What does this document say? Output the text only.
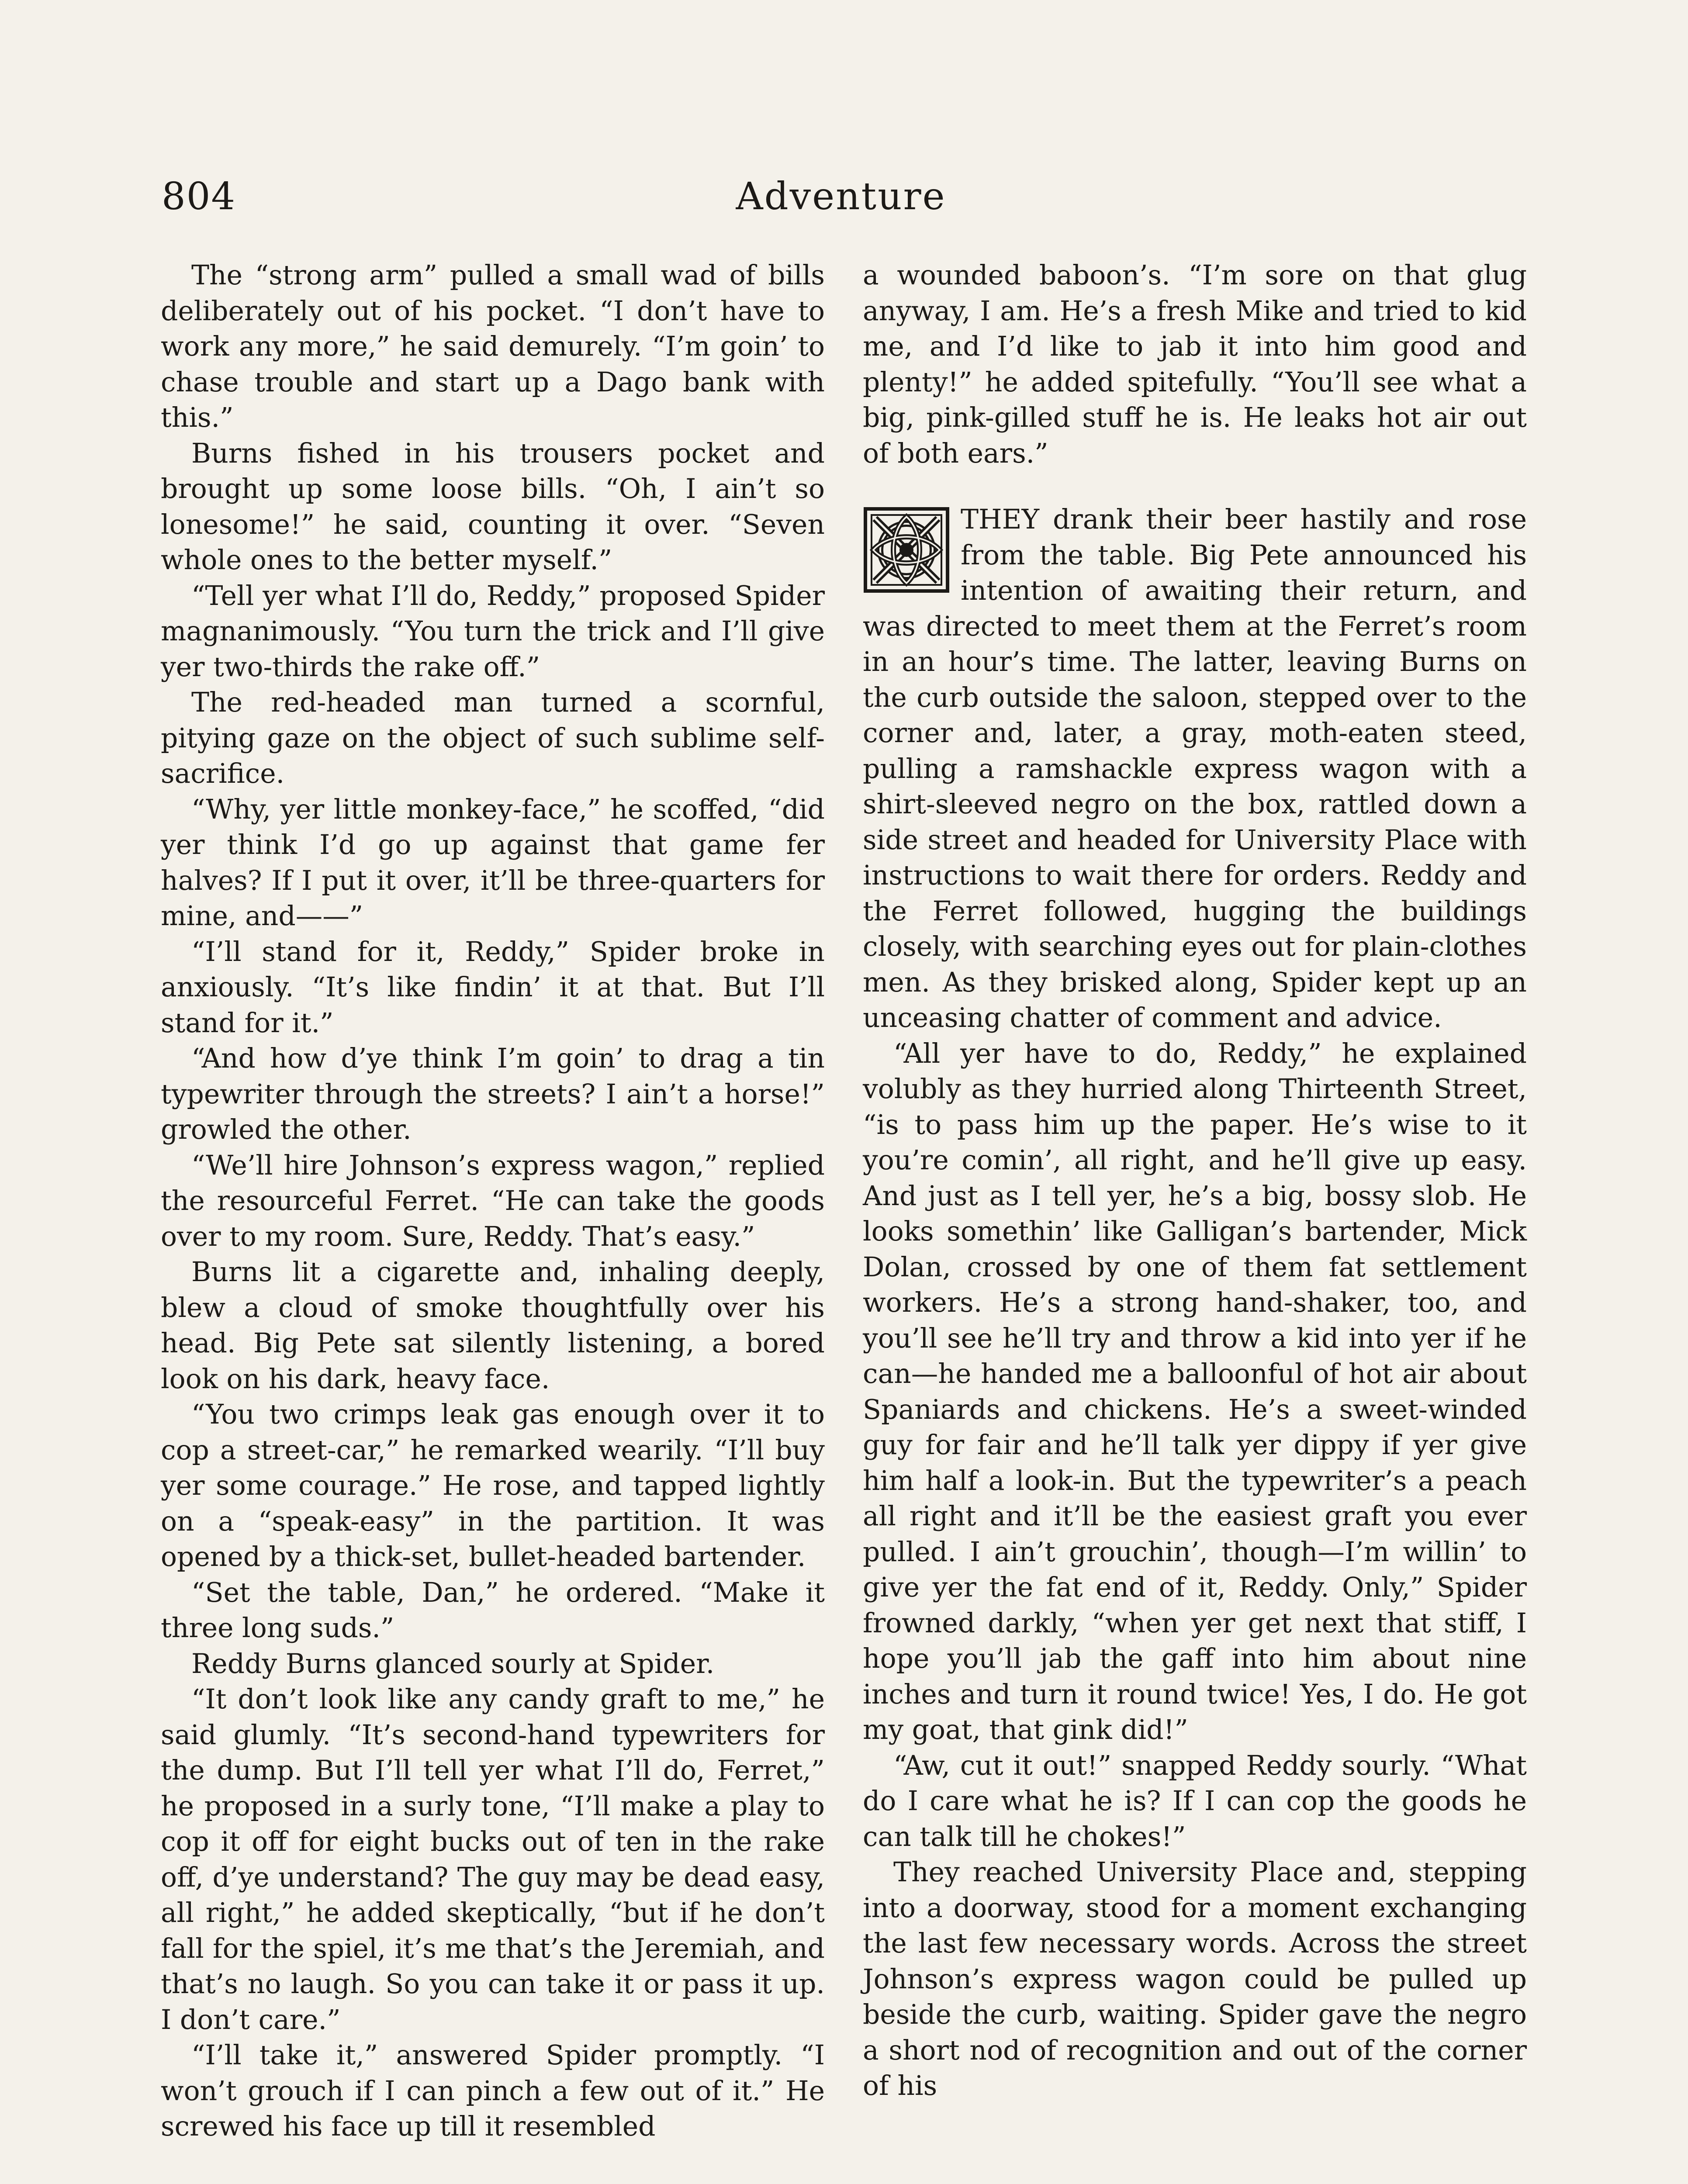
804	Adventure

The “strong arm” pulled a small wad of bills deliberately out of his pocket. “I don’t have to work any more,” he said demurely. “I’m goin’ to chase trouble and start up a Dago bank with this.”

Burns fished in his trousers pocket and brought up some loose bills. “Oh, I ain’t so lonesome!” he said, counting it over. “Seven whole ones to the better myself.”

“Tell yer what I’ll do, Reddy,” proposed Spider magnanimously. “You turn the trick and I’ll give yer two-thirds the rake off.”

The red-headed man turned a scornful, pitying gaze on the object of such sublime self-sacrifice.

“Why, yer little monkey-face,” he scoffed, “did yer think I’d go up against that game fer halves? If I put it over, it’ll be three-quarters for mine, and——”

“I’ll stand for it, Reddy,” Spider broke in anxiously. “It’s like findin’ it at that. But I’ll stand for it.”

“And how d’ye think I’m goin’ to drag a tin typewriter through the streets? I ain’t a horse!” growled the other.

“We’ll hire Johnson’s express wagon,” replied the resourceful Ferret. “He can take the goods over to my room. Sure, Reddy. That’s easy.”

Burns lit a cigarette and, inhaling deeply, blew a cloud of smoke thoughtfully over his head. Big Pete sat silently listening, a bored look on his dark, heavy face.

“You two crimps leak gas enough over it to cop a street-car,” he remarked wearily. “I’ll buy yer some courage.” He rose, and tapped lightly on a “speak-easy” in the partition. It was opened by a thick-set, bullet-headed bartender.

“Set the table, Dan,” he ordered. “Make it three long suds.”

Reddy Burns glanced sourly at Spider.

“It don’t look like any candy graft to me,” he said glumly. “It’s second-hand typewriters for the dump. But I’ll tell yer what I’ll do, Ferret,” he proposed in a surly tone, “I’ll make a play to cop it off for eight bucks out of ten in the rake off, d’ye understand? The guy may be dead easy, all right,” he added skeptically, “but if he don’t fall for the spiel, it’s me that’s the Jeremiah, and that’s no laugh. So you can take it or pass it up. I don’t care.”

“I’ll take it,” answered Spider promptly. “I won’t grouch if I can pinch a few out of it.” He screwed his face up till it resembled

a wounded baboon’s. “I’m sore on that glug anyway, I am. He’s a fresh Mike and tried to kid me, and I’d like to jab it into him good and plenty!” he added spitefully. “You’ll see what a big, pink-gilled stuff he is. He leaks hot air out of both ears.”

THEY drank their beer hastily and rose from the table. Big Pete announced his intention of awaiting their return, and was directed to meet them at the Ferret’s room in an hour’s time. The latter, leaving Burns on the curb outside the saloon, stepped over to the corner and, later, a gray, moth-eaten steed, pulling a ramshackle express wagon with a shirt-sleeved negro on the box, rattled down a side street and headed for University Place with instructions to wait there for orders. Reddy and the Ferret followed, hugging the buildings closely, with searching eyes out for plain-clothes men. As they brisked along, Spider kept up an unceasing chatter of comment and advice.

“All yer have to do, Reddy,” he explained volubly as they hurried along Thirteenth Street, “is to pass him up the paper. He’s wise to it you’re comin’, all right, and he’ll give up easy. And just as I tell yer, he’s a big, bossy slob. He looks somethin’ like Galligan’s bartender, Mick Dolan, crossed by one of them fat settlement workers. He’s a strong hand-shaker, too, and you’ll see he’ll try and throw a kid into yer if he can—he handed me a balloonful of hot air about Spaniards and chickens. He’s a sweet-winded guy for fair and he’ll talk yer dippy if yer give him half a look-in. But the typewriter’s a peach all right and it’ll be the easiest graft you ever pulled. I ain’t grouchin’, though—I’m willin’ to give yer the fat end of it, Reddy. Only,” Spider frowned darkly, “when yer get next that stiff, I hope you’ll jab the gaff into him about nine inches and turn it round twice! Yes, I do. He got my goat, that gink did!”

“Aw, cut it out!” snapped Reddy sourly. “What do I care what he is? If I can cop the goods he can talk till he chokes!”

They reached University Place and, stepping into a doorway, stood for a moment exchanging the last few necessary words. Across the street Johnson’s express wagon could be pulled up beside the curb, waiting. Spider gave the negro a short nod of recognition and out of the corner of his
